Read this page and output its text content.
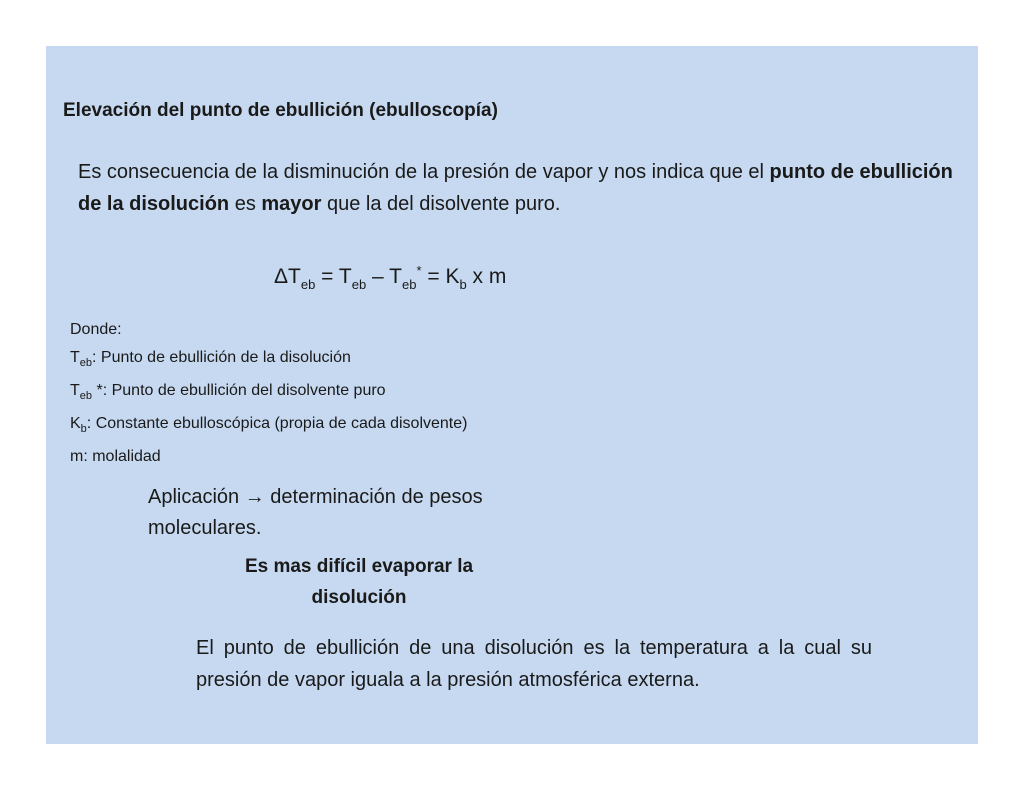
Elevación del punto de ebullición (ebulloscopía)
Es consecuencia de la disminución de la presión de vapor y nos indica que el punto de ebullición de la disolución es mayor que la del disolvente puro.
$\Delta T_{eb} = T_{eb} - T_{eb}^* = K_b$ x m
Donde:
$T_{eb}$: Punto de ebullición de la disolución
$T_{eb}$ *: Punto de ebullición del disolvente puro
$K_b$: Constante ebulloscópica (propia de cada disolvente)
m: molalidad
Aplicación → determinación de pesos moleculares.
Es mas difícil evaporar la disolución
El punto de ebullición de una disolución es la temperatura a la cual su presión de vapor iguala a la presión atmosférica externa.
